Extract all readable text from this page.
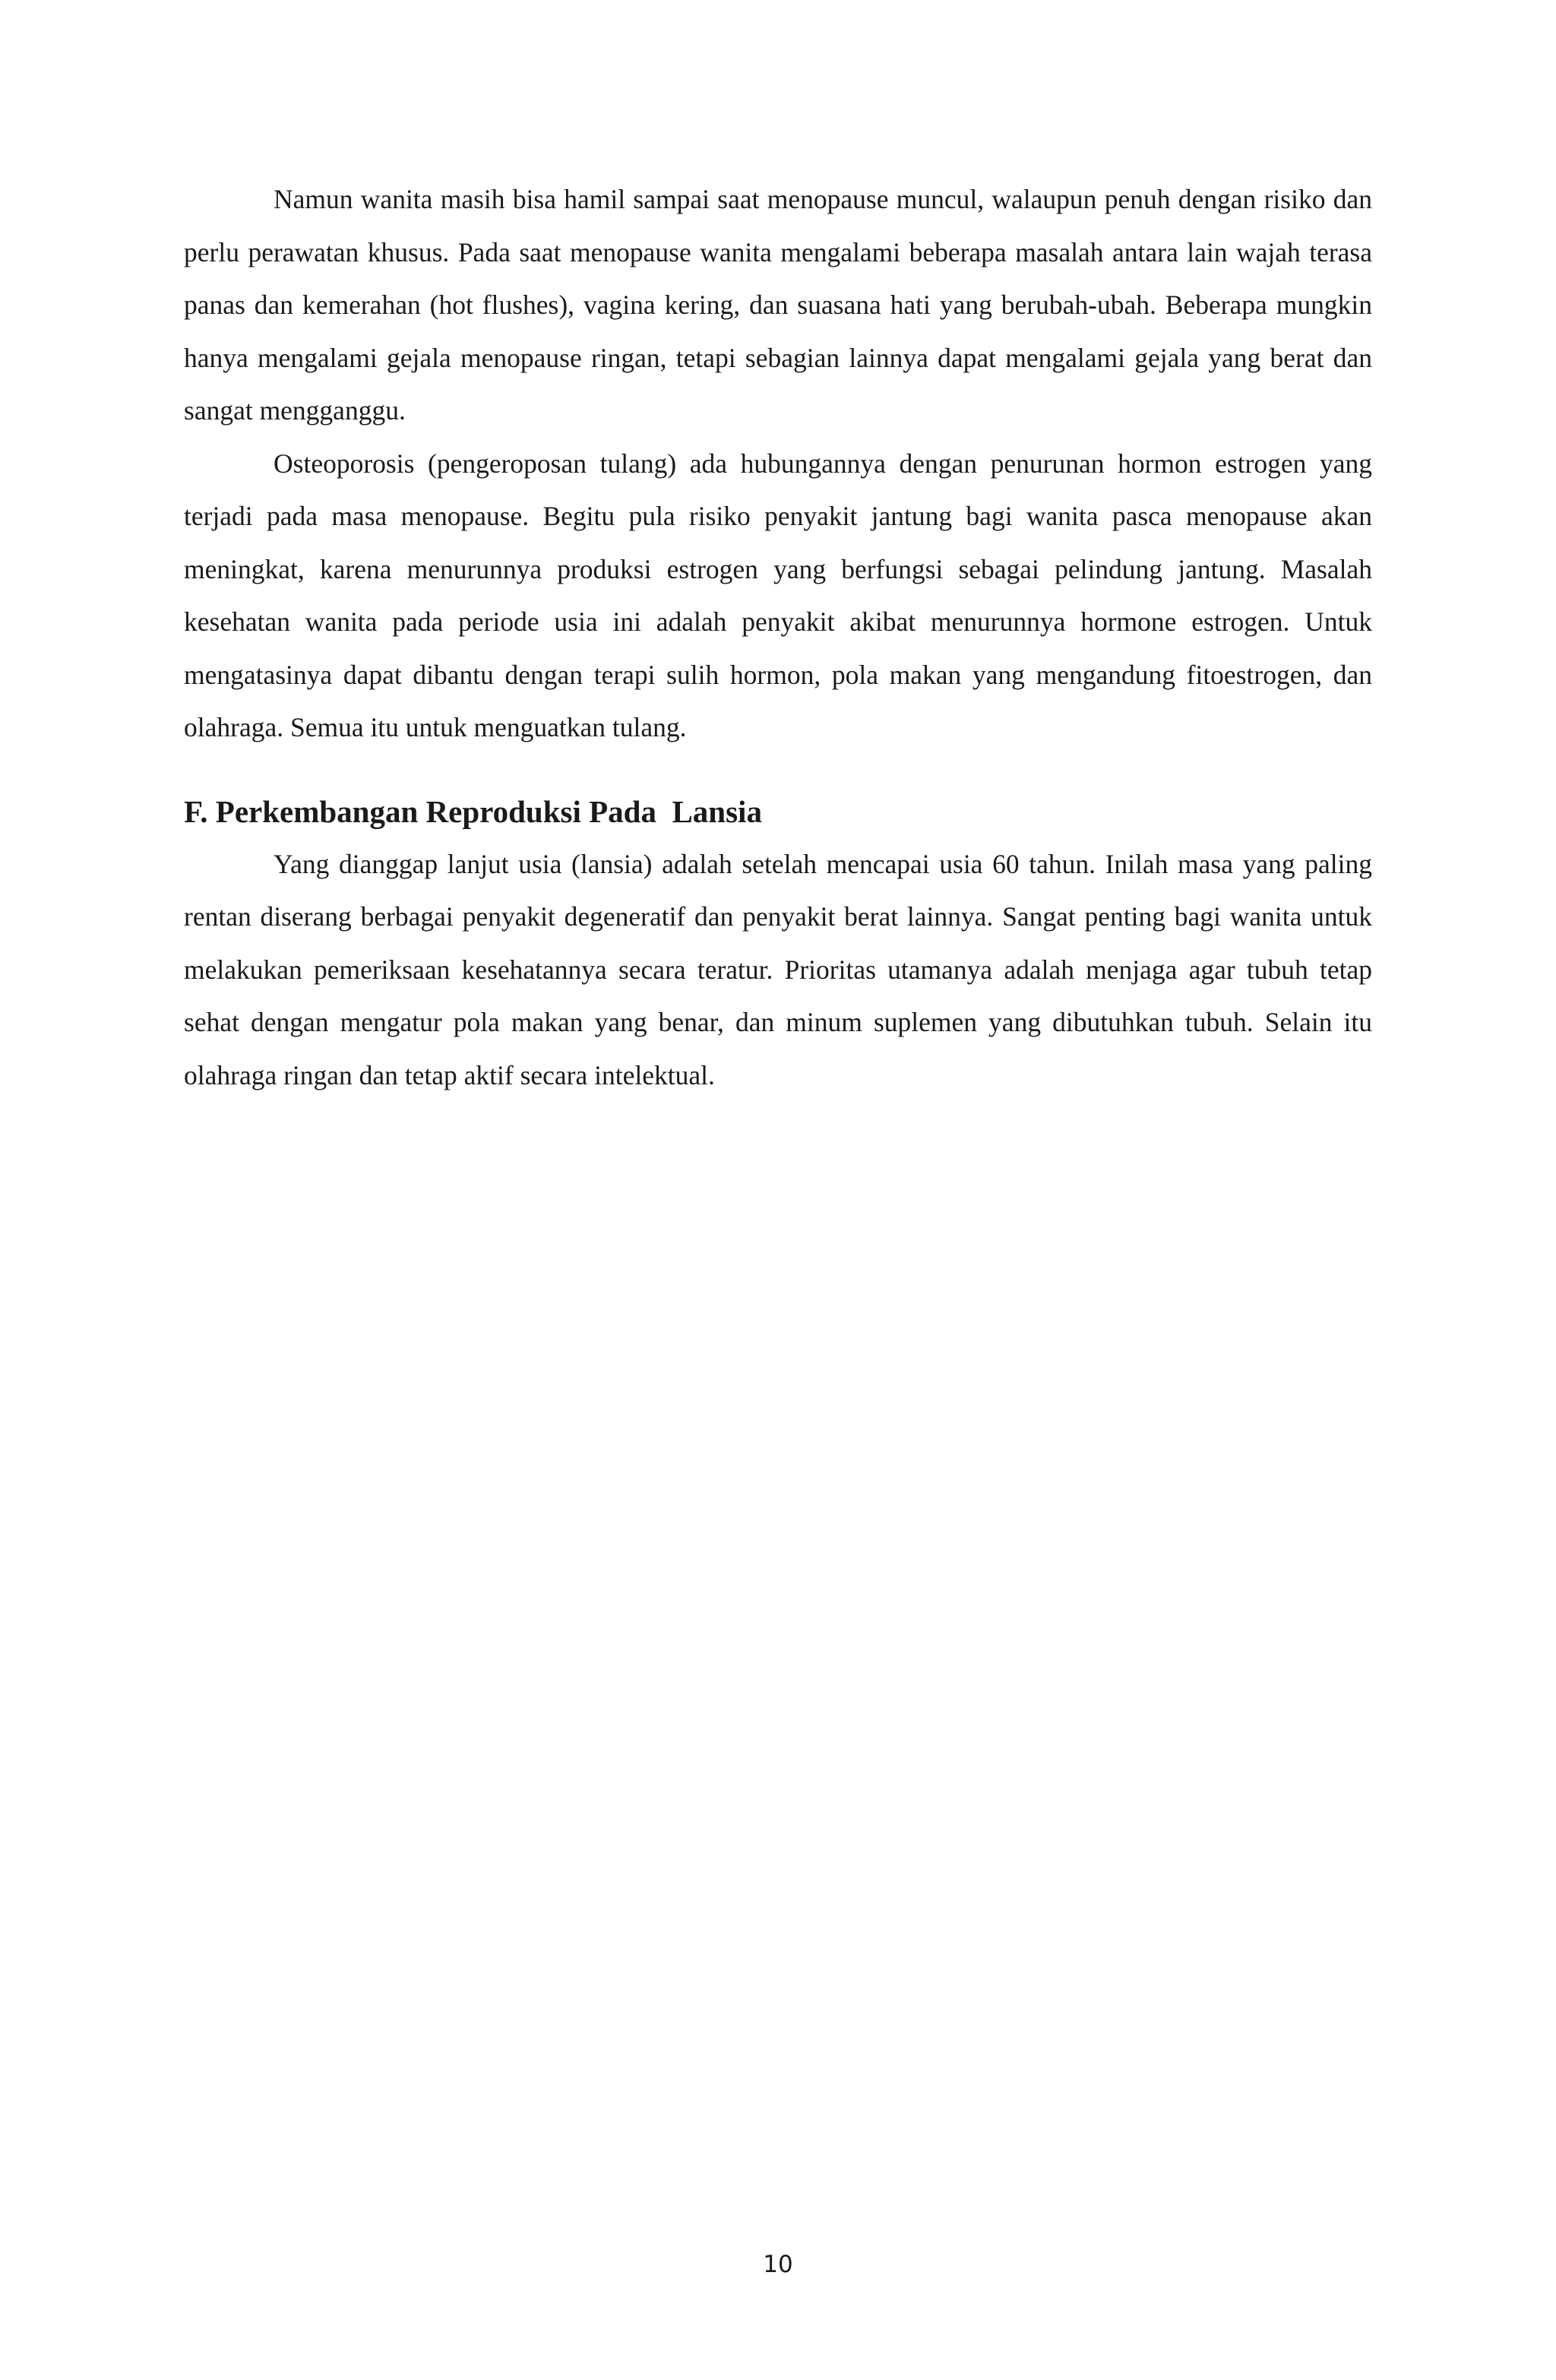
Namun wanita masih bisa hamil sampai saat menopause muncul, walaupun penuh dengan risiko dan perlu perawatan khusus. Pada saat menopause wanita mengalami beberapa masalah antara lain wajah terasa panas dan kemerahan (hot flushes), vagina kering, dan suasana hati yang berubah-ubah. Beberapa mungkin hanya mengalami gejala menopause ringan, tetapi sebagian lainnya dapat mengalami gejala yang berat dan sangat mengganggu.

Osteoporosis (pengeroposan tulang) ada hubungannya dengan penurunan hormon estrogen yang terjadi pada masa menopause. Begitu pula risiko penyakit jantung bagi wanita pasca menopause akan meningkat, karena menurunnya produksi estrogen yang berfungsi sebagai pelindung jantung. Masalah kesehatan wanita pada periode usia ini adalah penyakit akibat menurunnya hormone estrogen. Untuk mengatasinya dapat dibantu dengan terapi sulih hormon, pola makan yang mengandung fitoestrogen, dan olahraga. Semua itu untuk menguatkan tulang.

F. Perkembangan Reproduksi Pada  Lansia

Yang dianggap lanjut usia (lansia) adalah setelah mencapai usia 60 tahun. Inilah masa yang paling rentan diserang berbagai penyakit degeneratif dan penyakit berat lainnya. Sangat penting bagi wanita untuk melakukan pemeriksaan kesehatannya secara teratur. Prioritas utamanya adalah menjaga agar tubuh tetap sehat dengan mengatur pola makan yang benar, dan minum suplemen yang dibutuhkan tubuh. Selain itu olahraga ringan dan tetap aktif secara intelektual.

10
